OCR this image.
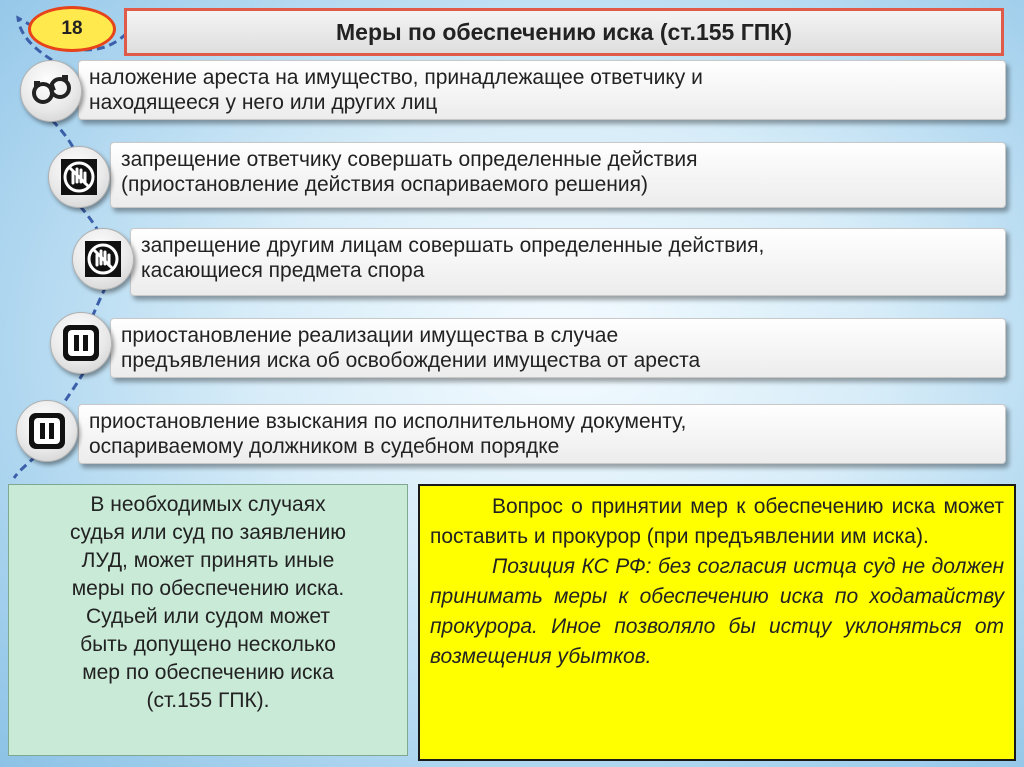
18	Меры по обеспечению иска (ст.155 ГПК)
наложение ареста на имущество, принадлежащее ответчику и
находящееся у него или других лиц
запрещение ответчику совершать определенные действия
(приостановление действия оспариваемого решения)
запрещение другим лицам совершать определенные действия,
касающиеся предмета спора
приостановление реализации имущества в случае
предъявления иска об освобождении имущества от ареста
приостановление взыскания по исполнительному документу,
оспариваемому должником в судебном порядке
В необходимых случаях
судья или суд по заявлению
ЛУД, может принять иные
меры по обеспечению иска.
Судьей или судом может
быть допущено несколько
мер по обеспечению иска
(ст.155 ГПК).

Вопрос о принятии мер к обеспечению иска может поставить и прокурор (при предъявлении им иска).

Позиция КС РФ: без согласия истца суд не должен принимать меры к обеспечению иска по ходатайству прокурора. Иное позволяло бы истцу уклоняться от возмещения убытков.
